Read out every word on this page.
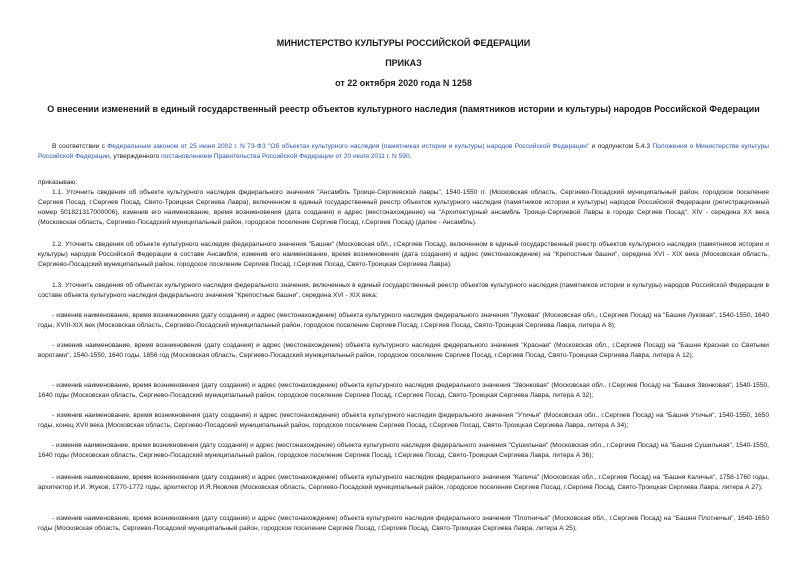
МИНИСТЕРСТВО КУЛЬТУРЫ РОССИЙСКОЙ ФЕДЕРАЦИИ
ПРИКАЗ
от 22 октября 2020 года N 1258
О внесении изменений в единый государственный реестр объектов культурного наследия (памятников истории и культуры) народов Российской Федерации
В соответствии с Федеральным законом от 25 июня 2002 г. N 73-ФЗ "Об объектах культурного наследия (памятниках истории и культуры) народов Российской Федерации" и подпунктом 5.4.3 Положения о Министерстве культуры Российской Федерации, утвержденного постановлением Правительства Российской Федерации от 20 июля 2011 г. N 590.
приказываю:
1.1. Уточнить сведения об объекте культурного наследия федерального значения "Ансамбль Троице-Сергиевской лавры", 1540-1550 гг. (Московская область, Сергиево-Посадский муниципальный район, городское поселение Сергиев Посад, г.Сергиев Посад, Свято-Троицкая Сергиева Лавра), включенном в единый государственный реестр объектов культурного наследия (памятников истории и культуры) народов Российской Федерации (регистрационный номер 501821317000006), изменив его наименование, время возникновения (дата создания) и адрес (местонахождение) на "Архитектурный ансамбль Троице-Сергиевой Лавры в городе Сергиев Посад", XIV - середина XX века (Московская область, Сергиево-Посадский муниципальный район, городское поселение Сергиев Посад, г.Сергиев Посад) (далее - Ансамбль).
1.2. Уточнить сведения об объекте культурного наследия федерального значения "Башни" (Московская обл., г.Сергиев Посад), включенном в единый государственный реестр объектов культурного наследия (памятников истории и культуры) народов Российской Федерации в составе Ансамбля, изменив его наименование, время возникновения (дата создания) и адрес (местонахождение) на "Крепостные башни", середина XVI - XIX века (Московская область, Сергиево-Посадский муниципальный район, городское поселение Сергиев Посад, г.Сергиев Посад, Свято-Троицкая Сергиева Лавра).
1.3. Уточнить сведения об объектах культурного наследия федерального значения, включенных в единый государственный реестр объектов культурного наследия (памятников истории и культуры) народов Российской Федерации в составе объекта культурного наследия федерального значения "Крепостные башни", середина XVI - XIX века:
- изменив наименование, время возникновения (дату создания) и адрес (местонахождение) объекта культурного наследия федерального значения "Луковая" (Московская обл., г.Сергиев Посад) на "Башня Луковая", 1540-1550, 1640 годы, XVIII-XIX век (Московская область, Сергиево-Посадский муниципальный район, городское поселение Сергиев Посад, г.Сергиев Посад, Свято-Троицкая Сергиева Лавра, литера А 8);
- изменив наименование, время возникновения (дату создания) и адрес (местонахождение) объекта культурного наследия федерального значения "Красная" (Московская обл., г.Сергиев Посад) на "Башня Красная со Святыми воротами", 1540-1550, 1640 годы, 1856 год (Московская область, Сергиево-Посадский муниципальный район, городское поселение Сергиев Посад, г.Сергиев Посад, Свято-Троицкая Сергиева Лавра, литера А 12);
- изменив наименование, время возникновения (дату создания) и адрес (местонахождение) объекта культурного наследия федерального значения "Звонковая" (Московская обл., г.Сергиев Посад) на "Башня Звонковая", 1540-1550, 1640 годы (Московская область, Сергиево-Посадский муниципальный район, городское поселение Сергиев Посад, г.Сергиев Посад, Свято-Троицкая Сергиева Лавра, литера А 32);
- изменив наименование, время возникновения (дату создания) и адрес (местонахождение) объекта культурного наследия федерального значения "Утичья" (Московская обл., г.Сергиев Посад) на "Башня Утичья", 1540-1550, 1650 годы, конец XVII века (Московская область, Сергиево-Посадский муниципальный район, городское поселение Сергиев Посад, г.Сергиев Посад, Свято-Троицкая Сергиева Лавра, литера А 34);
- изменив наименование, время возникновения (дату создания) и адрес (местонахождение) объекта культурного наследия федерального значения "Сушильная" (Московская обл., г.Сергиев Посад) на "Башня Сушильная", 1540-1550, 1640 годы (Московская область, Сергиево-Посадский муниципальный район, городское поселение Сергиев Посад, г.Сергиев Посад, Свято-Троицкая Сергиева Лавра, литера А 36);
- изменив наименование, время возникновения (дату создания) и адрес (местонахождение) объекта культурного наследия федерального значения "Калича" (Московская обл., г.Сергиев Посад) на "Башня Каличья", 1758-1760 годы, архитектор И.И. Жуков, 1770-1772 годы, архитектор И.Я.Яковлев (Московская область, Сергиево-Посадский муниципальный район, городское поселение Сергиев Посад, г.Сергиев Посад, Свято-Троицкая Сергиева Лавра, литера А 27);
- изменив наименование, время возникновения (дату создания) и адрес (местонахождение) объекта культурного наследия федерального значения "Плотничья" (Московская обл., г.Сергиев Посад) на "Башня Плотничья", 1640-1650 годы (Московская область, Сергиево-Посадский муниципальный район, городское поселение Сергиев Посад, г.Сергиев Посад, Свято-Троицкая Сергиева Лавра, литера А 25);
